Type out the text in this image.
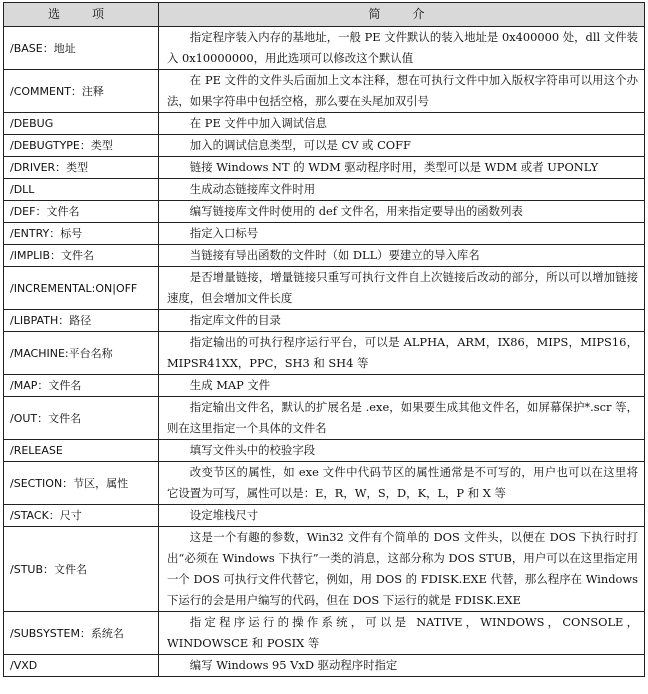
选　项	简　介
/BASE：地址	指定程序装入内存的基地址，一般 PE 文件默认的装入地址是 0x400000 处，dll 文件装入 0x10000000，用此选项可以修改这个默认值
/COMMENT：注释	在 PE 文件的文件头后面加上文本注释，想在可执行文件中加入版权字符串可以用这个办法，如果字符串中包括空格，那么要在头尾加双引号
/DEBUG	在 PE 文件中加入调试信息
/DEBUGTYPE：类型	加入的调试信息类型，可以是 CV 或 COFF
/DRIVER：类型	链接 Windows NT 的 WDM 驱动程序时用，类型可以是 WDM 或者 UPONLY
/DLL	生成动态链接库文件时用
/DEF：文件名	编写链接库文件时使用的 def 文件名，用来指定要导出的函数列表
/ENTRY：标号	指定入口标号
/IMPLIB：文件名	当链接有导出函数的文件时（如 DLL）要建立的导入库名
/INCREMENTAL:ON|OFF	是否增量链接，增量链接只重写可执行文件自上次链接后改动的部分，所以可以增加链接速度，但会增加文件长度
/LIBPATH：路径	指定库文件的目录
/MACHINE:平台名称	指定输出的可执行程序运行平台，可以是 ALPHA，ARM，IX86，MIPS，MIPS16，MIPSR41XX，PPC，SH3 和 SH4 等
/MAP：文件名	生成 MAP 文件
/OUT：文件名	指定输出文件名，默认的扩展名是 .exe，如果要生成其他文件名，如屏幕保护*.scr 等，则在这里指定一个具体的文件名
/RELEASE	填写文件头中的校验字段
/SECTION：节区，属性	改变节区的属性，如 exe 文件中代码节区的属性通常是不可写的，用户也可以在这里将它设置为可写，属性可以是：E，R，W，S，D，K，L，P 和 X 等
/STACK：尺寸	设定堆栈尺寸
/STUB：文件名	这是一个有趣的参数，Win32 文件有个简单的 DOS 文件头，以便在 DOS 下执行时打出“必须在 Windows 下执行”一类的消息，这部分称为 DOS STUB，用户可以在这里指定用一个 DOS 可执行文件代替它，例如，用 DOS 的 FDISK.EXE 代替，那么程序在 Windows 下运行的会是用户编写的代码，但在 DOS 下运行的就是 FDISK.EXE
/SUBSYSTEM：系统名	指定程序运行的操作系统，可以是 NATIVE，WINDOWS，CONSOLE，WINDOWSCE 和 POSIX 等
/VXD	编写 Windows 95 VxD 驱动程序时指定
